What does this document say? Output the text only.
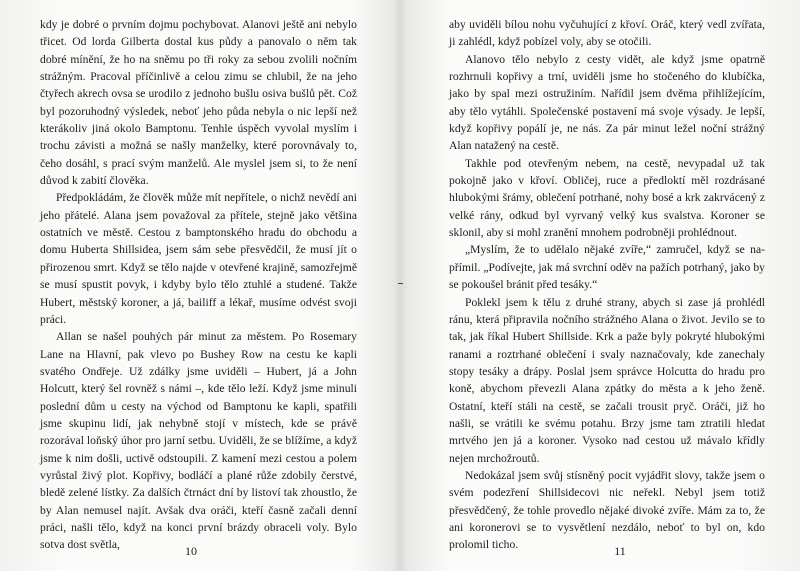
kdy je dobré o prvním dojmu pochybovat. Alanovi ještě ani nebylo třicet. Od lorda Gilberta dostal kus půdy a panovalo o něm tak dobré mínění, že ho na sněmu po tři roky za sebou zvolili nočním strážným. Pracoval příčinlivě a celou zimu se chlubil, že na jeho čtyřech akrech ovsa se urodilo z jednoho bušlu osiva bušlů pět. Což byl pozoruhodný výsledek, neboť jeho půda nebyla o nic lepší než kterákoliv jiná okolo Bamptonu. Tenhle úspěch vyvolal myslím i trochu závisti a možná se našly manželky, které porovnávaly to, čeho dosáhl, s prací svým manželů. Ale myslel jsem si, to že není důvod k zabití člověka.

Předpokládám, že člověk může mít nepřítele, o nichž nevědí ani jeho přátelé. Alana jsem považoval za přítele, stejně jako většina ostatních ve městě. Cestou z bamptonského hradu do obchodu a domu Huberta Shillsidea, jsem sám sebe přesvědčil, že musí jít o přirozenou smrt. Když se tělo najde v otevřené krajině, samozřejmě se musí spustit povyk, i kdyby bylo tělo ztuhlé a studené. Takže Hubert, městský koroner, a já, bailiff a lékař, musíme odvést svoji práci.

Allan se našel pouhých pár minut za městem. Po Rosemary Lane na Hlavní, pak vlevo po Bushey Row na cestu ke kapli svatého Ondřeje. Už zdálky jsme uviděli – Hubert, já a John Holcutt, který šel rovněž s námi –, kde tělo leží. Když jsme minuli poslední dům u cesty na východ od Bamptonu ke kapli, spatřili jsme skupinu lidí, jak nehybně stojí v místech, kde se právě rozorával loňský úhor pro jarní setbu. Uviděli, že se blížíme, a když jsme k nim došli, uctivě odstoupili. Z kamení mezi cestou a polem vyrůstal živý plot. Kopřivy, bodláčí a plané růže zdobily čerstvé, bledě zelené lístky. Za dalších čtrnáct dní by listoví tak zhoustlo, že by Alan nemusel najít. Avšak dva oráči, kteří časně začali denní práci, našli tělo, když na konci první brázdy obraceli voly. Bylo sotva dost světla,	10

aby uviděli bílou nohu vyčuhující z křoví. Oráč, který vedl zvířata, ji zahlédl, když pobízel voly, aby se otočili.

Alanovo tělo nebylo z cesty vidět, ale když jsme opatrně rozhrnuli kopřivy a trní, uviděli jsme ho stočeného do klubíčka, jako by spal mezi ostružiním. Nařídil jsem dvěma přihlížejícím, aby tělo vytáhli. Společenské postavení má svoje výsady. Je lepší, když kopřivy popálí je, ne nás. Za pár minut ležel noční strážný Alan natažený na cestě.

Takhle pod otevřeným nebem, na cestě, nevypadal už tak pokojně jako v křoví. Obličej, ruce a předloktí měl rozdrásané hlubokými šrámy, oblečení potrhané, nohy bosé a krk zakrvácený z velké rány, odkud byl vyrvaný velký kus svalstva. Koroner se sklonil, aby si mohl zranění mnohem podrobněji prohlédnout.

„Myslím, že to udělalo nějaké zvíře,“ zamručel, když se napřímil. „Podívejte, jak má svrchní oděv na pažích potrhaný, jako by se pokoušel bránit před tesáky.“

Poklekl jsem k tělu z druhé strany, abych si zase já prohlédl ránu, která připravila nočního strážného Alana o život. Jevilo se to tak, jak říkal Hubert Shillside. Krk a paže byly pokryté hlubokými ranami a roztrhané oblečení i svaly naznačovaly, kde zanechaly stopy tesáky a drápy. Poslal jsem správce Holcutta do hradu pro koně, abychom převezli Alana zpátky do města a k jeho ženě. Ostatní, kteří stáli na cestě, se začali trousit pryč. Oráči, již ho našli, se vrátili ke svému potahu. Brzy jsme tam ztratili hledat mrtvého jen já a koroner. Vysoko nad cestou už mávalo křídly nejen mrchožroutů.

Nedokázal jsem svůj stísněný pocit vyjádřit slovy, takže jsem o svém podezření Shillsidecovi nic neřekl. Nebyl jsem totiž přesvědčený, že tohle provedlo nějaké divoké zvíře. Mám za to, že ani koronerovi se to vysvětlení nezdálo, neboť to byl on, kdo prolomil ticho.	11
